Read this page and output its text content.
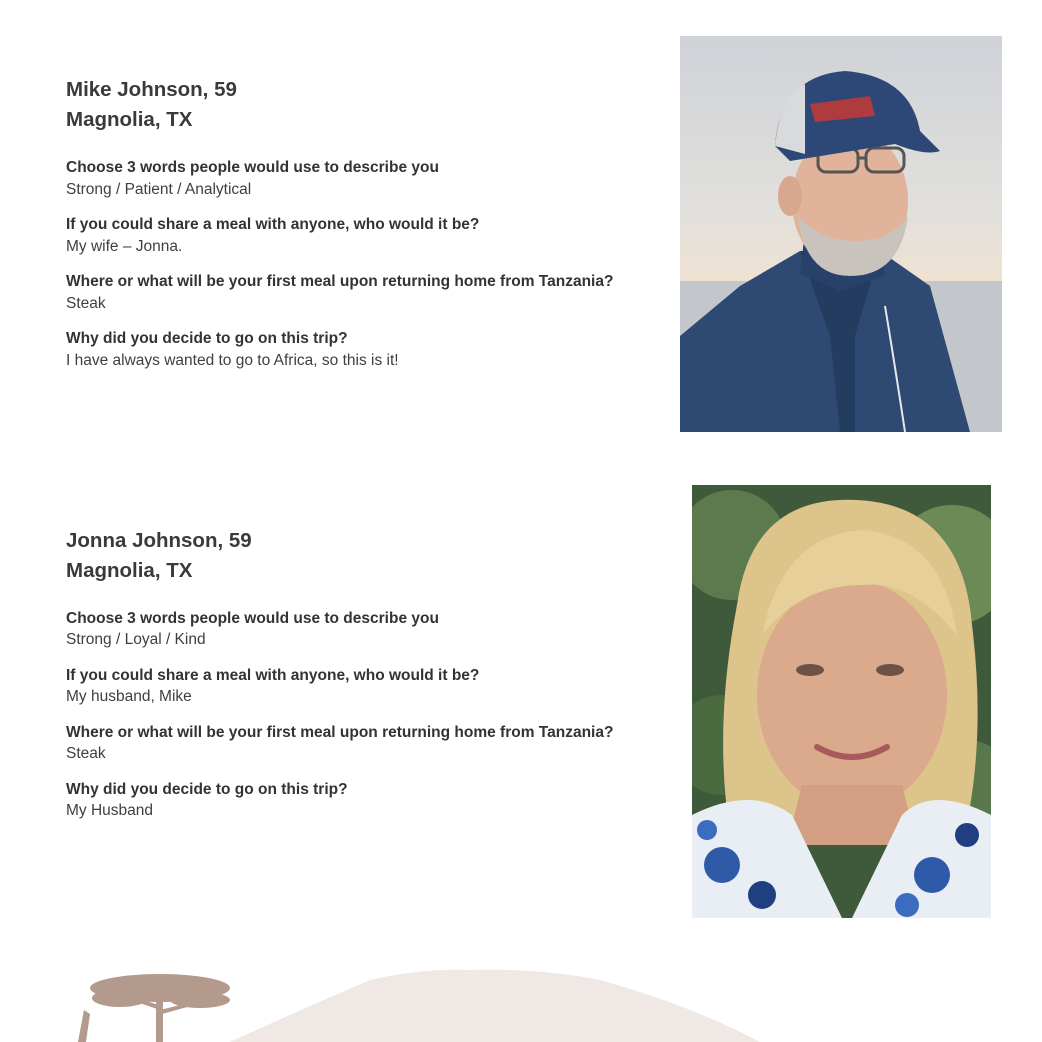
Mike Johnson, 59
Magnolia, TX
Choose 3 words people would use to describe you
Strong / Patient / Analytical
If you could share a meal with anyone, who would it be?
My wife – Jonna.
Where or what will be your first meal upon returning home from Tanzania?
Steak
Why did you decide to go on this trip?
I have always wanted to go to Africa, so this is it!
Jonna Johnson, 59
Magnolia, TX
Choose 3 words people would use to describe you
Strong / Loyal / Kind
If you could share a meal with anyone, who would it be?
My husband, Mike
Where or what will be your first meal upon returning home from Tanzania?
Steak
Why did you decide to go on this trip?
My Husband
